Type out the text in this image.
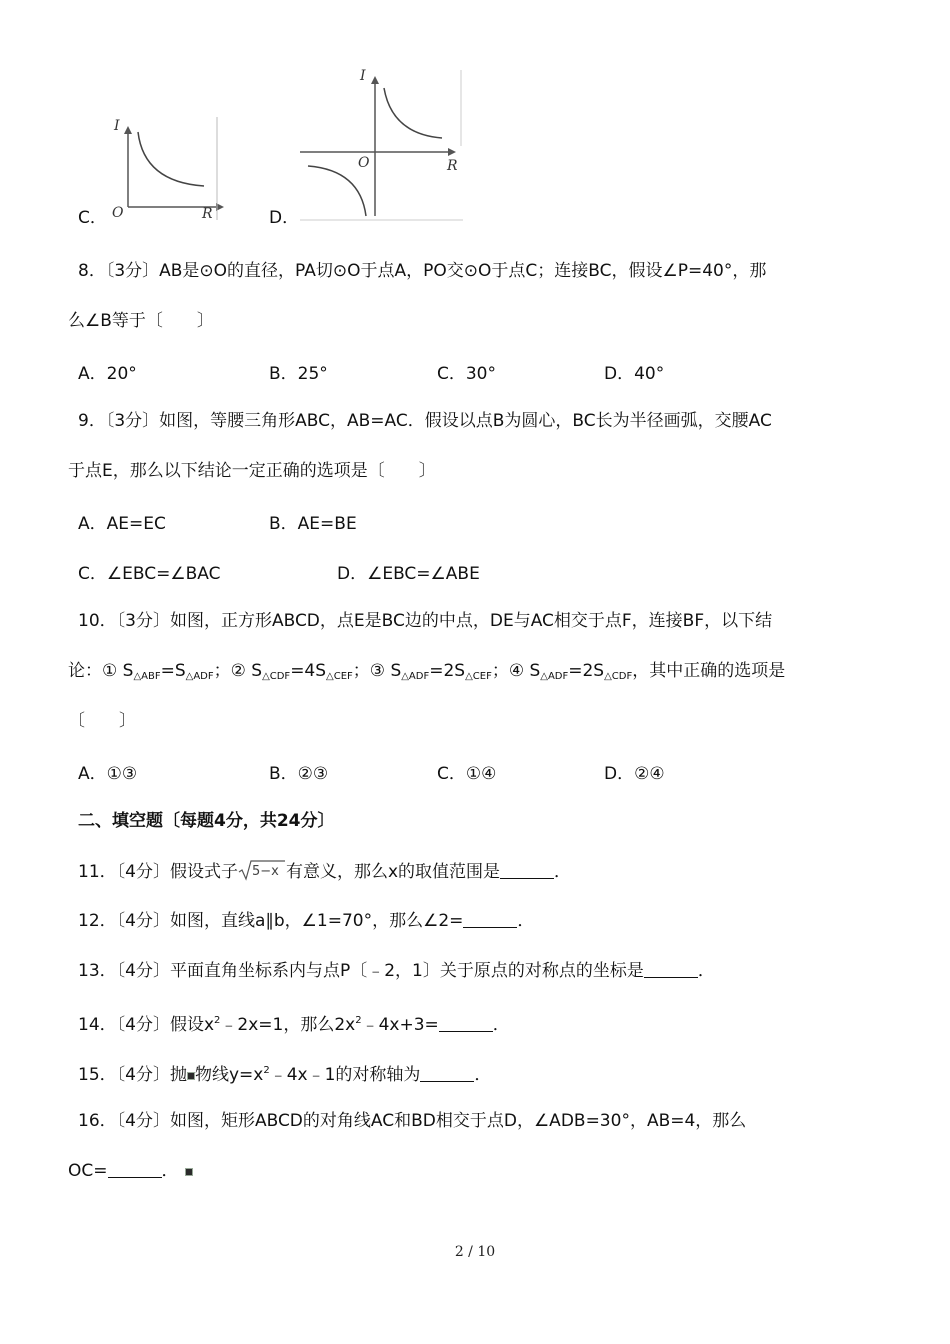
C．
I
O	R	D．
I
O	R
8．〔3分〕AB是⊙O的直径，PA切⊙O于点A，PO交⊙O于点C；连接BC，假设∠P=40°，那
么∠B等于〔　　〕
A．20°	B．25°	C．30°	D．40°
9．〔3分〕如图，等腰三角形ABC，AB=AC．假设以点B为圆心，BC长为半径画弧，交腰AC
于点E，那么以下结论一定正确的选项是〔　　〕
A．AE=EC	B．AE=BE
C．∠EBC=∠BAC	D．∠EBC=∠ABE
10．〔3分〕如图，正方形ABCD，点E是BC边的中点，DE与AC相交于点F，连接BF，以下结
论：① $S_{\triangle ABF}=S_{\triangle ADF}$；② $S_{\triangle CDF}=4S_{\triangle CEF}$；③ $S_{\triangle ADF}=2S_{\triangle CEF}$；④ $S_{\triangle ADF}=2S_{\triangle CDF}$，其中正确的选项是
〔　　〕
A．①③	B．②③	C．①④	D．②④
二、填空题〔每题4分，共24分〕
11．〔4分〕假设式子 5−x 有意义，那么x的取值范围是	．
12．〔4分〕如图，直线a∥b，∠1=70°，那么∠2=	．
13．〔4分〕平面直角坐标系内与点P〔﹣2，1〕关于原点的对称点的坐标是	．
14．〔4分〕假设$x^2﹣2x=1$，那么$2x^2﹣4x+3=$	．
15．〔4分〕抛 物线$y=x^2﹣4x﹣1$的对称轴为	．
16．〔4分〕如图，矩形ABCD的对角线AC和BD相交于点D，∠ADB=30°，AB=4，那么
OC=	．
2 / 10
